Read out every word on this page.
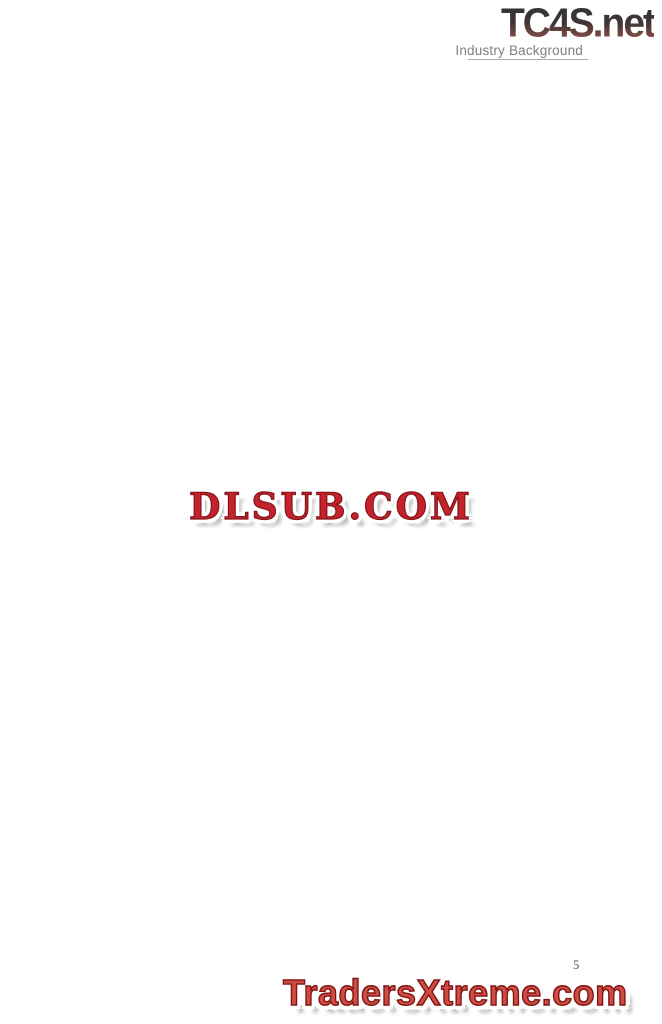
TC4S.net
Industry Background
DLSUB.COM
5
TradersXtreme.com
